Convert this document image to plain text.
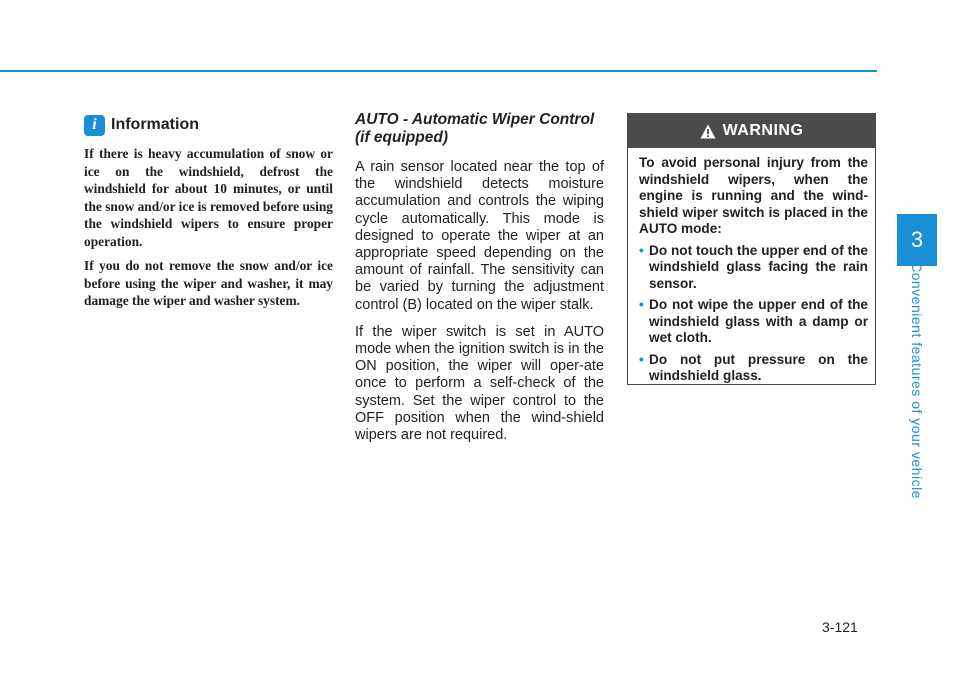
i Information

If there is heavy accumulation of snow or ice on the windshield, defrost the windshield for about 10 minutes, or until the snow and/or ice is removed before using the windshield wipers to ensure proper operation.

If you do not remove the snow and/or ice before using the wiper and washer, it may damage the wiper and washer system.

AUTO - Automatic Wiper Control
(if equipped)

A rain sensor located near the top of the windshield detects moisture accumulation and controls the wiping cycle automatically. This mode is designed to operate the wiper at an appropriate speed depending on the amount of rainfall. The sensitivity can be varied by turning the adjustment control (B) located on the wiper stalk.

If the wiper switch is set in AUTO mode when the ignition switch is in the ON position, the wiper will oper-ate once to perform a self-check of the system. Set the wiper control to the OFF position when the wind-shield wipers are not required.

WARNING

To avoid personal injury from the windshield wipers, when the engine is running and the wind-shield wiper switch is placed in the AUTO mode:

• Do not touch the upper end of the windshield glass facing the rain sensor.
• Do not wipe the upper end of the windshield glass with a damp or wet cloth.
• Do not put pressure on the windshield glass.
3
Convenient features of your vehicle
3-121
